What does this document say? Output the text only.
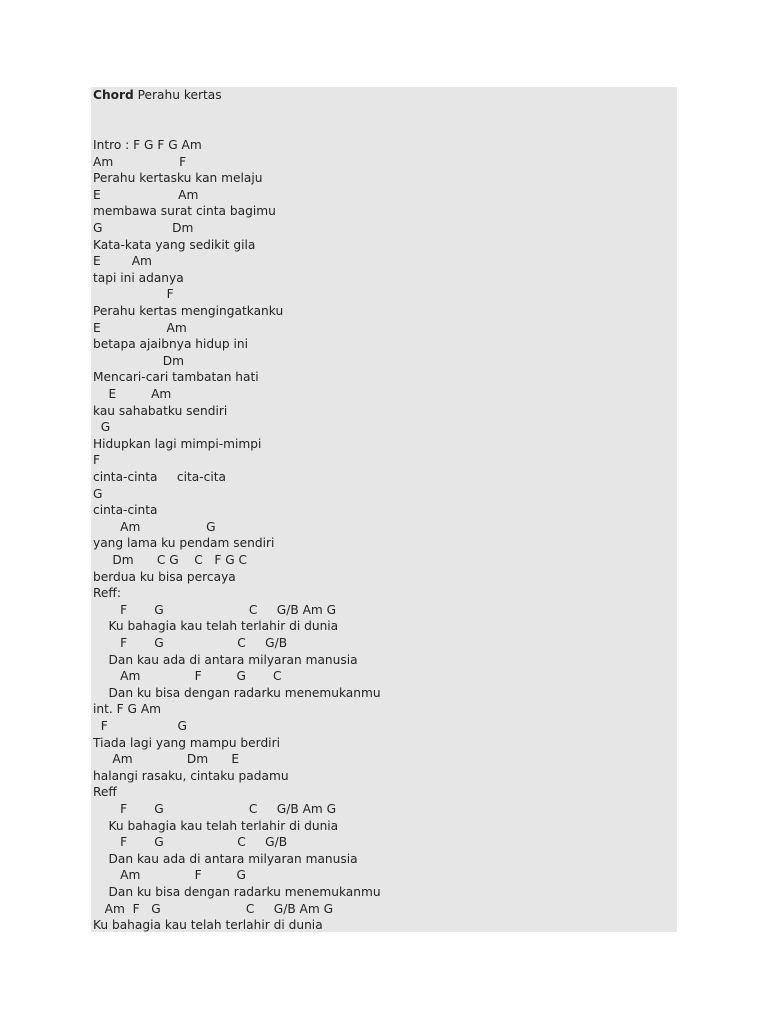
Chord Perahu kertas
Intro : F G F G Am
Am                 F
Perahu kertasku kan melaju
E                    Am
membawa surat cinta bagimu
G                  Dm
Kata-kata yang sedikit gila
E        Am
tapi ini adanya
F
Perahu kertas mengingatkanku
E                 Am
betapa ajaibnya hidup ini
Dm
Mencari-cari tambatan hati
E         Am
kau sahabatku sendiri
G
Hidupkan lagi mimpi-mimpi
F
cinta-cinta     cita-cita
G
cinta-cinta
Am                 G
yang lama ku pendam sendiri
Dm      C G    C   F G C
berdua ku bisa percaya
Reff:
F       G                      C     G/B Am G
Ku bahagia kau telah terlahir di dunia
F       G                   C     G/B
Dan kau ada di antara milyaran manusia
Am              F         G       C
Dan ku bisa dengan radarku menemukanmu
int. F G Am
F                  G
Tiada lagi yang mampu berdiri
Am              Dm      E
halangi rasaku, cintaku padamu
Reff
F       G                      C     G/B Am G
Ku bahagia kau telah terlahir di dunia
F       G                   C     G/B
Dan kau ada di antara milyaran manusia
Am              F         G
Dan ku bisa dengan radarku menemukanmu
Am  F   G                      C     G/B Am G
Ku bahagia kau telah terlahir di dunia
